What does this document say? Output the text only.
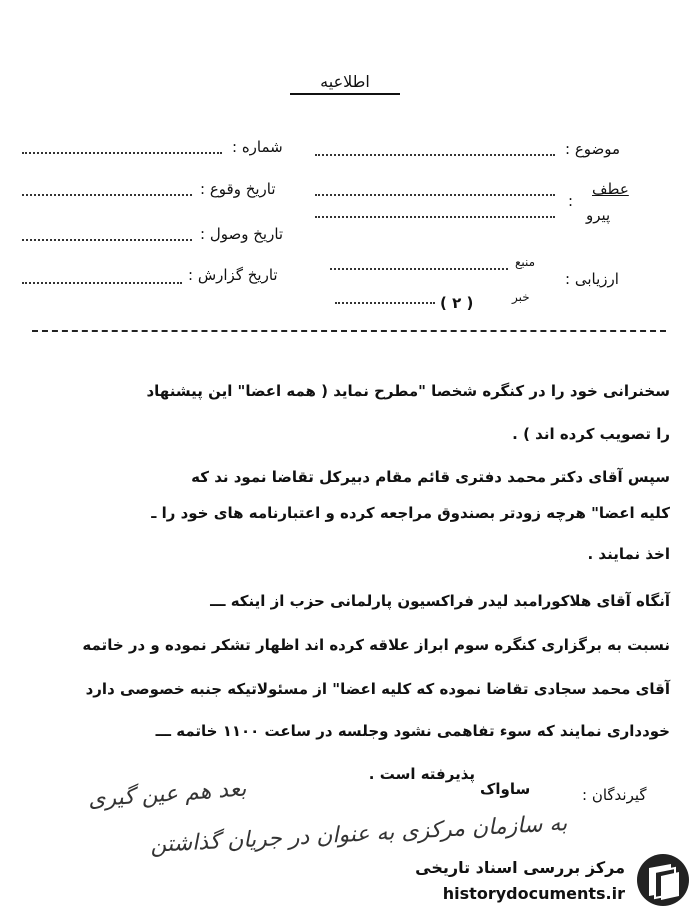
اطلاعیه
شماره :
تاریخ وقوع :
تاریخ وصول :
تاریخ گزارش :
موضوع :
عطف
:
پیرو
ارزیابی :
منبع
خبر
( ۲ )
سخنرانی خود را در کنگره شخصا "مطرح نماید ( همه اعضا" این پیشنهاد
را تصویب کرده اند ) .
سپس آقای دکتر محمد دفتری قائم مقام دبیرکل تقاضا نمود ند که
کلیه اعضا" هرچه زودتر بصندوق مراجعه کرده و اعتبارنامه های خود را ـ
اخذ نمایند .
آنگاه آقای هلاکورامبد لیدر فراکسیون پارلمانی حزب از اینکه ـــ
نسبت به برگزاری کنگره سوم ابراز علاقه کرده اند اظهار تشکر نموده و در خاتمه
آقای محمد سجادی تقاضا نموده که کلیه اعضا" از مسئولاتیکه جنبه خصوصی دارد
خودداری نمایند که سوء تفاهمی نشود وجلسه در ساعت ۱۱۰۰ خاتمه ـــ
پذیرفته است .
گیرندگان :
ساواک
بعد هم عین گیری
به سازمان مرکزی به عنوان در جریان گذاشتن
مرکز بررسی اسناد تاریخی
historydocuments.ir
